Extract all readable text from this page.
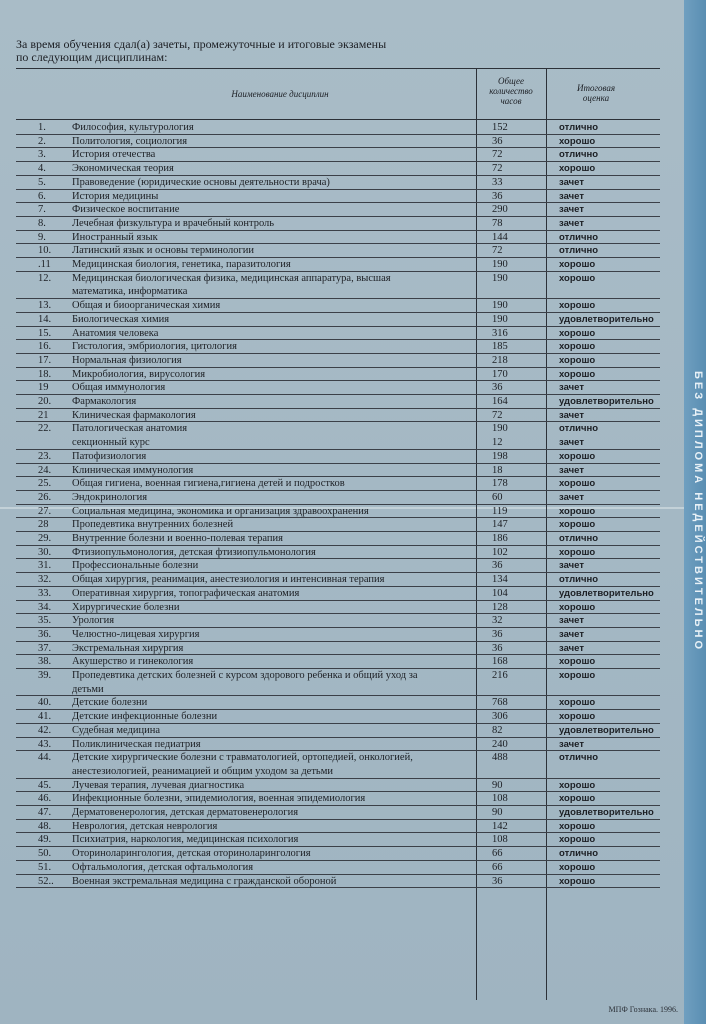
БЕЗ ДИПЛОМА НЕДЕЙСТВИТЕЛЬНО
За время обучения сдал(а) зачеты, промежуточные и итоговые экзамены
по следующим дисциплинам:
Наименование дисциплин
Общее
количество
часов
Итоговая
оценка
1. Философия, культурология	152	отлично
2. Политология, социология	36	хорошо
3. История отечества	72	отлично
4. Экономическая теория	72	хорошо
5. Правоведение (юридические основы деятельности врача)	33	зачет
6. История медицины	36	зачет
7. Физическое воспитание	290	зачет
8. Лечебная физкультура и врачебный контроль	78	зачет
9. Иностранный язык	144	отлично
10. Латинский язык и основы терминологии	72	отлично
.11 Медицинская биология, генетика, паразитология	190	хорошо
12. Медицинская биологическая физика, медицинская аппаратура, высшая	190	хорошо
математика, информатика
13. Общая и биоорганическая химия	190	хорошо
14. Биологическая химия	190	удовлетворительно
15. Анатомия человека	316	хорошо
16. Гистология, эмбриология, цитология	185	хорошо
17. Нормальная физиология	218	хорошо
18. Микробиология, вирусология	170	хорошо
19 Общая иммунология	36	зачет
20. Фармакология	164	удовлетворительно
21 Клиническая фармакология	72	зачет
22. Патологическая анатомия	190	отлично
секционный курс	12	зачет
23. Патофизиология	198	хорошо
24. Клиническая иммунология	18	зачет
25. Общая гигиена, военная гигиена,гигиена детей и подростков	178	хорошо
26. Эндокринология	60	зачет
27. Социальная медицина, экономика и организация здравоохранения	119	хорошо
28 Пропедевтика внутренних болезней	147	хорошо
29. Внутренние болезни и военно-полевая терапия	186	отлично
30. Фтизиопульмонология, детская фтизиопульмонология	102	хорошо
31. Профессиональные болезни	36	зачет
32. Общая хирургия, реанимация, анестезиология и интенсивная терапия	134	отлично
33. Оперативная хирургия, топографическая анатомия	104	удовлетворительно
34. Хирургические болезни	128	хорошо
35. Урология	32	зачет
36. Челюстно-лицевая хирургия	36	зачет
37. Экстремальная хирургия	36	зачет
38. Акушерство и гинекология	168	хорошо
39. Пропедевтика детских болезней с курсом здорового ребенка и общий уход за	216	хорошо
детьми
40. Детские болезни	768	хорошо
41. Детские инфекционные болезни	306	хорошо
42. Судебная медицина	82	удовлетворительно
43. Поликлиническая педиатрия	240	зачет
44. Детские хирургические болезни с травматологией, ортопедией, онкологией,	488	отлично
анестезиологией, реанимацией и общим уходом за детьми
45. Лучевая терапия, лучевая диагностика	90	хорошо
46. Инфекционные болезни, эпидемиология, военная эпидемиология	108	хорошо
47. Дерматовенерология, детская дерматовенерология	90	удовлетворительно
48. Неврология, детская неврология	142	хорошо
49. Психиатрия, наркология, медицинская психология	108	хорошо
50. Оториноларингология, детская оториноларингология	66	отлично
51. Офтальмология, детская офтальмология	66	хорошо
52.. Военная экстремальная медицина с гражданской обороной	36	хорошо
МПФ Гознака. 1996.
